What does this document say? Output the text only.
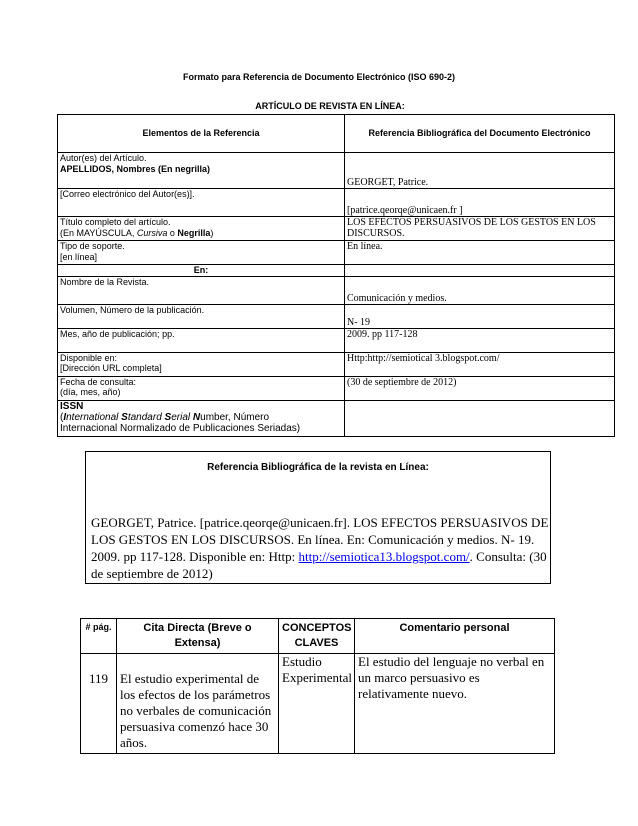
Formato para Referencia de Documento Electrónico (ISO 690-2)
ARTÍCULO DE REVISTA EN LÍNEA:
Elementos de la Referencia	Referencia Bibliográfica del Documento Electrónico

Autor(es) del Artículo.
APELLIDOS, Nombres (En negrilla)	GEORGET, Patrice.
[Correo electrónico del Autor(es)].	[patrice.qeorqe@unicaen.fr ]

Título completo del artículo.
(En MAYÚSCULA, Cursiva o Negrilla)	LOS EFECTOS PERSUASIVOS DE LOS GESTOS EN LOS DISCURSOS.

Tipo de soporte.
[en línea]	En línea.
En:	
Nombre de la Revista.	Comunicación y medios.
Volumen, Número de la publicación.	N- 19
Mes, año de publicación; pp.	2009. pp 117-128

Disponible en:
[Dirección URL completa]	Http:http://semiotical 3.blogspot.com/

Fecha de consulta:
(día, mes, año)	(30 de septiembre de 2012)

ISSN
(International Standard Serial Number, Número
Internacional Normalizado de Publicaciones Seriadas)	

Referencia Bibliográfica de la revista en Línea:
GEORGET, Patrice. [patrice.qeorqe@unicaen.fr]. LOS EFECTOS PERSUASIVOS DE LOS GESTOS EN LOS DISCURSOS. En línea. En: Comunicación y medios. N- 19. 2009. pp 117-128. Disponible en: Http: http://semiotica13.blogspot.com/. Consulta: (30 de septiembre de 2012)
# pág.	Cita Directa (Breve o Extensa)	CONCEPTOS CLAVES	Comentario personal
119	El estudio experimental de los efectos de los parámetros no verbales de comunicación persuasiva comenzó hace 30 años.	Estudio Experimental	El estudio del lenguaje no verbal en un marco persuasivo es relativamente nuevo.
